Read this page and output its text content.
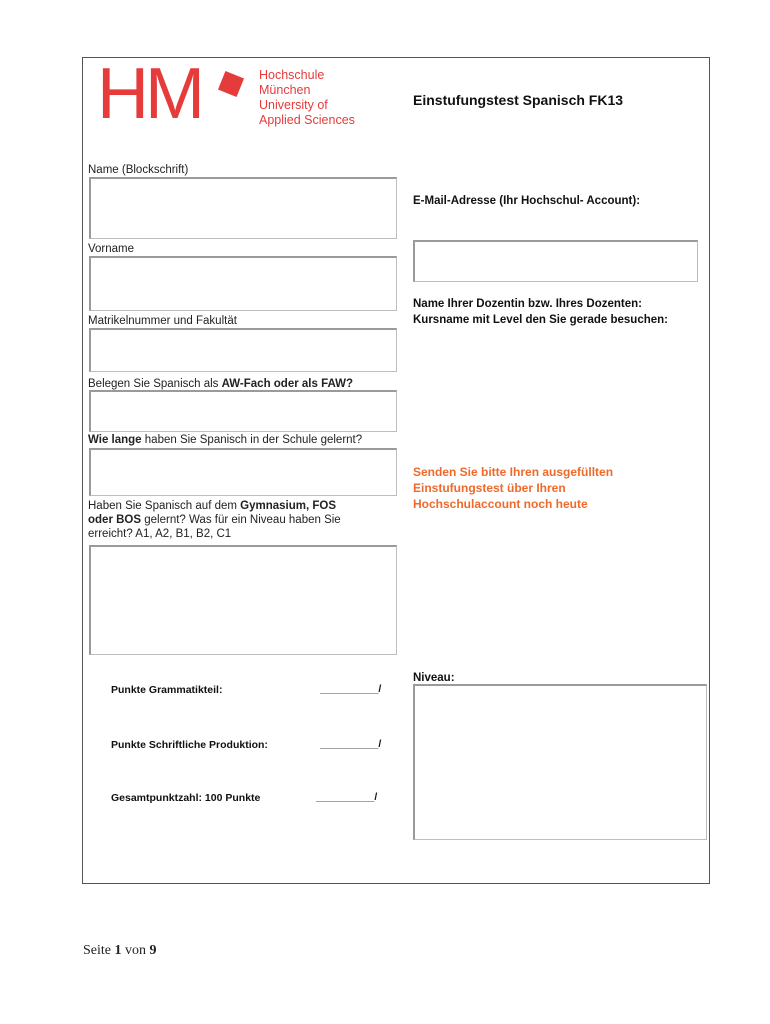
HM	Hochschule
München
University of
Applied Sciences
Einstufungstest Spanisch FK13
Name (Blockschrift)
Vorname
Matrikelnummer und Fakultät
Belegen Sie Spanisch als AW-Fach oder als FAW?
Wie lange haben Sie Spanisch in der Schule gelernt?
Haben Sie Spanisch auf dem Gymnasium, FOS
oder BOS gelernt? Was für ein Niveau haben Sie
erreicht? A1, A2, B1, B2, C1
E-Mail-Adresse (Ihr Hochschul- Account):
Name Ihrer Dozentin bzw. Ihres Dozenten:
Kursname mit Level den Sie gerade besuchen:
Senden Sie bitte Ihren ausgefüllten
Einstufungstest über Ihren
Hochschulaccount noch heute
Niveau:
Punkte Grammatikteil:	__________/
Punkte Schriftliche Produktion:	__________/
Gesamtpunktzahl: 100 Punkte	__________/
Seite 1 von 9
